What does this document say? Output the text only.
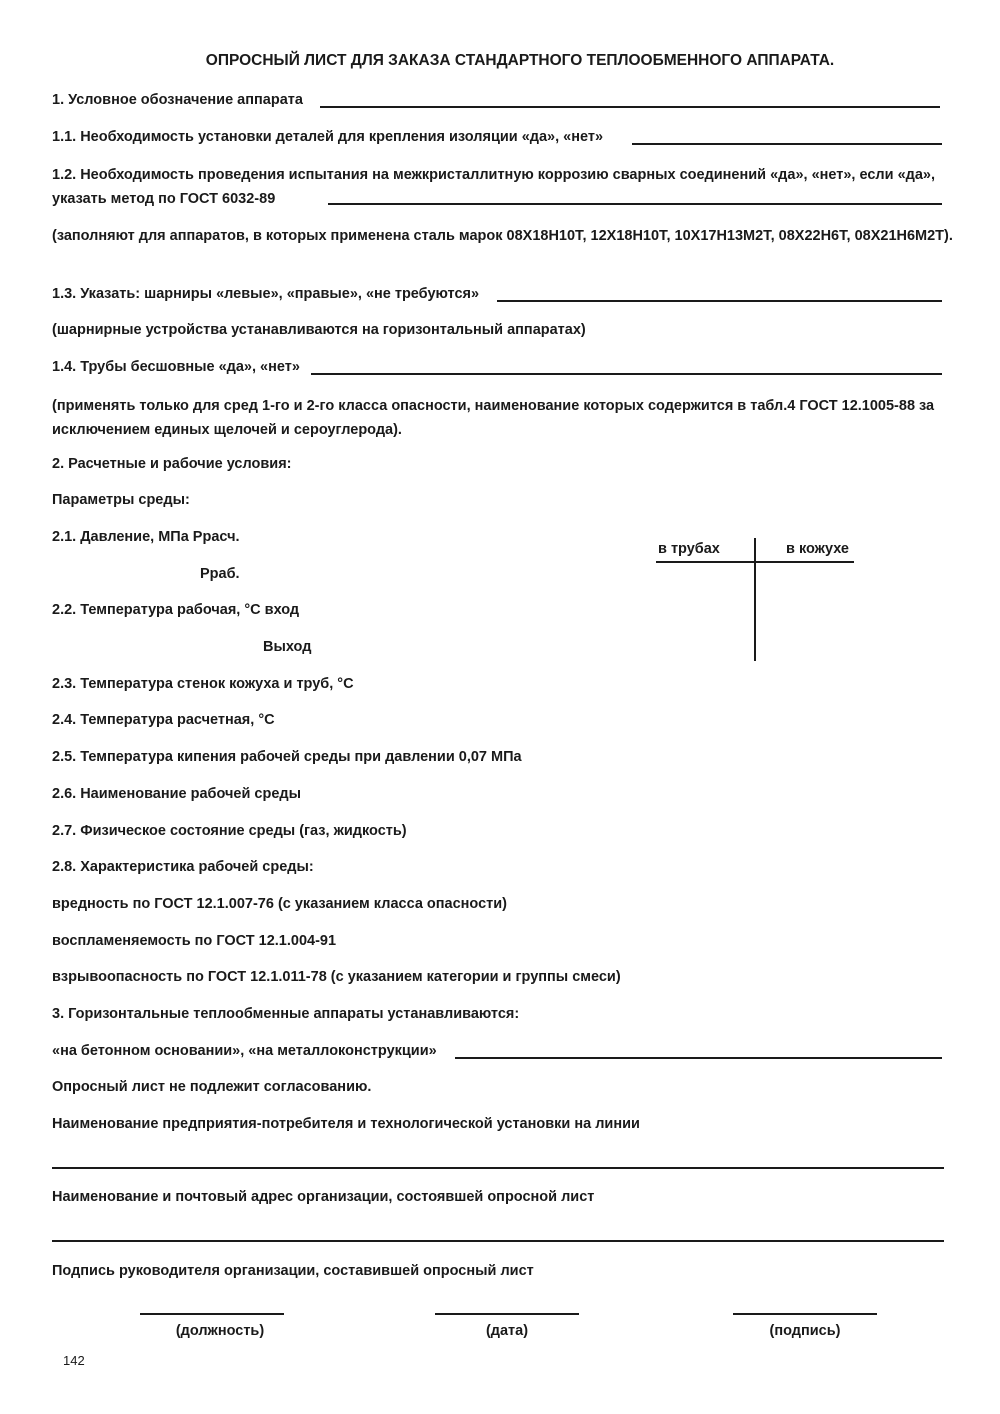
ОПРОСНЫЙ ЛИСТ ДЛЯ ЗАКАЗА СТАНДАРТНОГО ТЕПЛООБМЕННОГО АППАРАТА.
1. Условное обозначение аппарата
1.1. Необходимость установки деталей для крепления изоляции «да», «нет»
1.2. Необходимость проведения испытания на межкристаллитную коррозию сварных соединений «да», «нет», если «да», указать метод по ГОСТ 6032-89
(заполняют для аппаратов, в которых применена сталь марок 08Х18Н10Т, 12Х18Н10Т, 10Х17Н13М2Т, 08Х22Н6Т, 08Х21Н6М2Т).
1.3. Указать: шарниры «левые», «правые», «не требуются»
(шарнирные устройства устанавливаются на горизонтальный аппаратах)
1.4. Трубы бесшовные «да», «нет»
(применять только для сред 1-го и 2-го класса опасности, наименование которых содержится в табл.4 ГОСТ 12.1005-88 за исключением единых щелочей и сероуглерода).
2. Расчетные и рабочие условия:
Параметры среды:
2.1. Давление, МПа Ррасч.
Рраб.
2.2. Температура рабочая, °С вход
Выход
в трубах	в кожухе
2.3. Температура стенок кожуха и труб, °С
2.4. Температура расчетная, °С
2.5. Температура кипения рабочей среды при давлении 0,07 МПа
2.6. Наименование рабочей среды
2.7. Физическое состояние среды (газ, жидкость)
2.8. Характеристика рабочей среды:
вредность по ГОСТ 12.1.007-76 (с указанием класса опасности)
воспламеняемость по ГОСТ 12.1.004-91
взрывоопасность по ГОСТ 12.1.011-78 (с указанием категории и группы смеси)
3. Горизонтальные теплообменные аппараты устанавливаются:
«на бетонном основании», «на металлоконструкции»
Опросный лист не подлежит согласованию.
Наименование предприятия-потребителя и технологической установки на линии
Наименование и почтовый адрес организации, состоявшей опросной лист
Подпись руководителя организации, составившей опросный лист
(должность)	(дата)	(подпись)
142
